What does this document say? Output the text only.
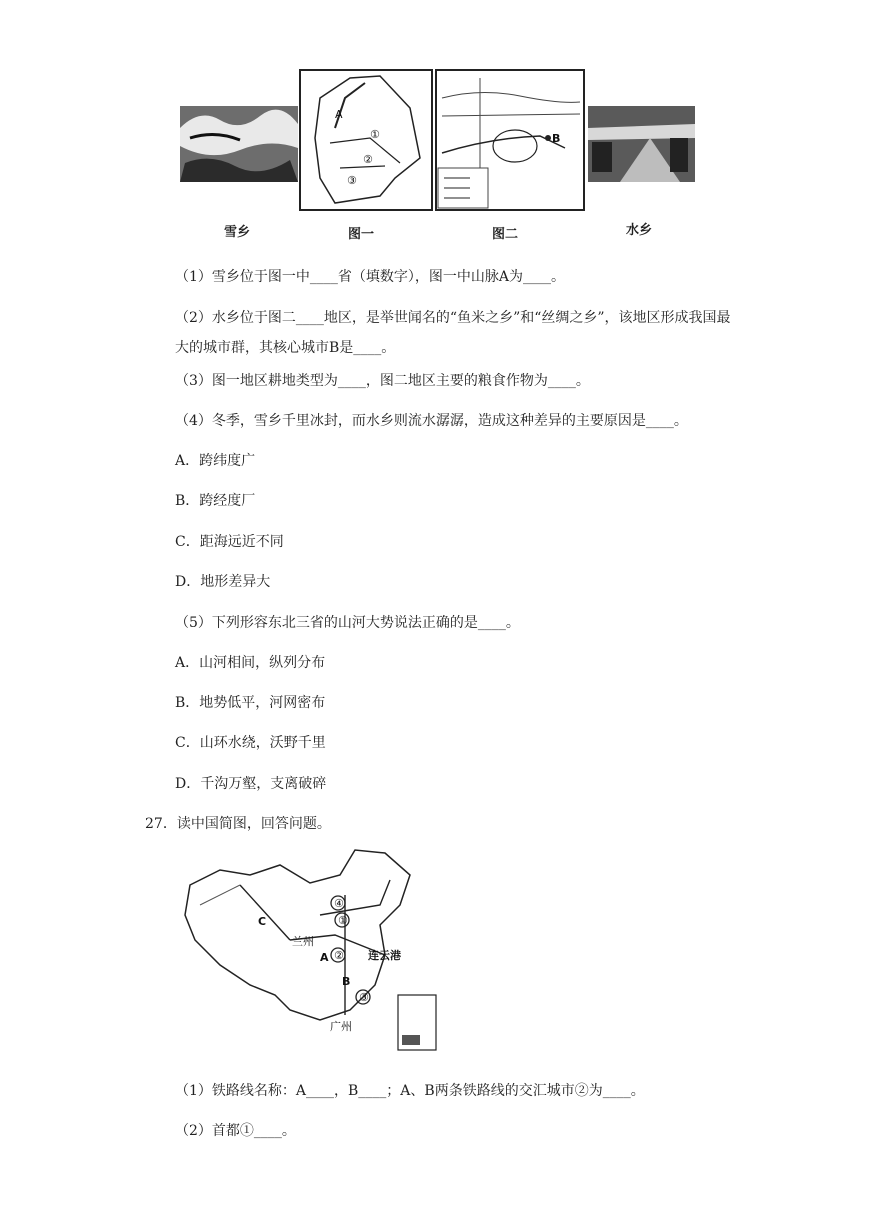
A
①
②
③
B
雪乡	图一	图二	水乡
（1）雪乡位于图一中____省（填数字），图一中山脉A为____。
（2）水乡位于图二____地区，是举世闻名的“鱼米之乡”和“丝绸之乡”，该地区形成我国最大的城市群，其核心城市B是____。
（3）图一地区耕地类型为____，图二地区主要的粮食作物为____。
（4）冬季，雪乡千里冰封，而水乡则流水潺潺，造成这种差异的主要原因是____。
A．跨纬度广
B．跨经度厂
C．距海远近不同
D．地形差异大
（5）下列形容东北三省的山河大势说法正确的是____。
A．山河相间，纵列分布
B．地势低平，河网密布
C．山环水绕，沃野千里
D．千沟万壑，支离破碎
27．读中国简图，回答问题。
④
①
②
③
C
A
B
连云港
兰州
广州
（1）铁路线名称：A____，B____；A、B两条铁路线的交汇城市②为____。
（2）首都①____。
